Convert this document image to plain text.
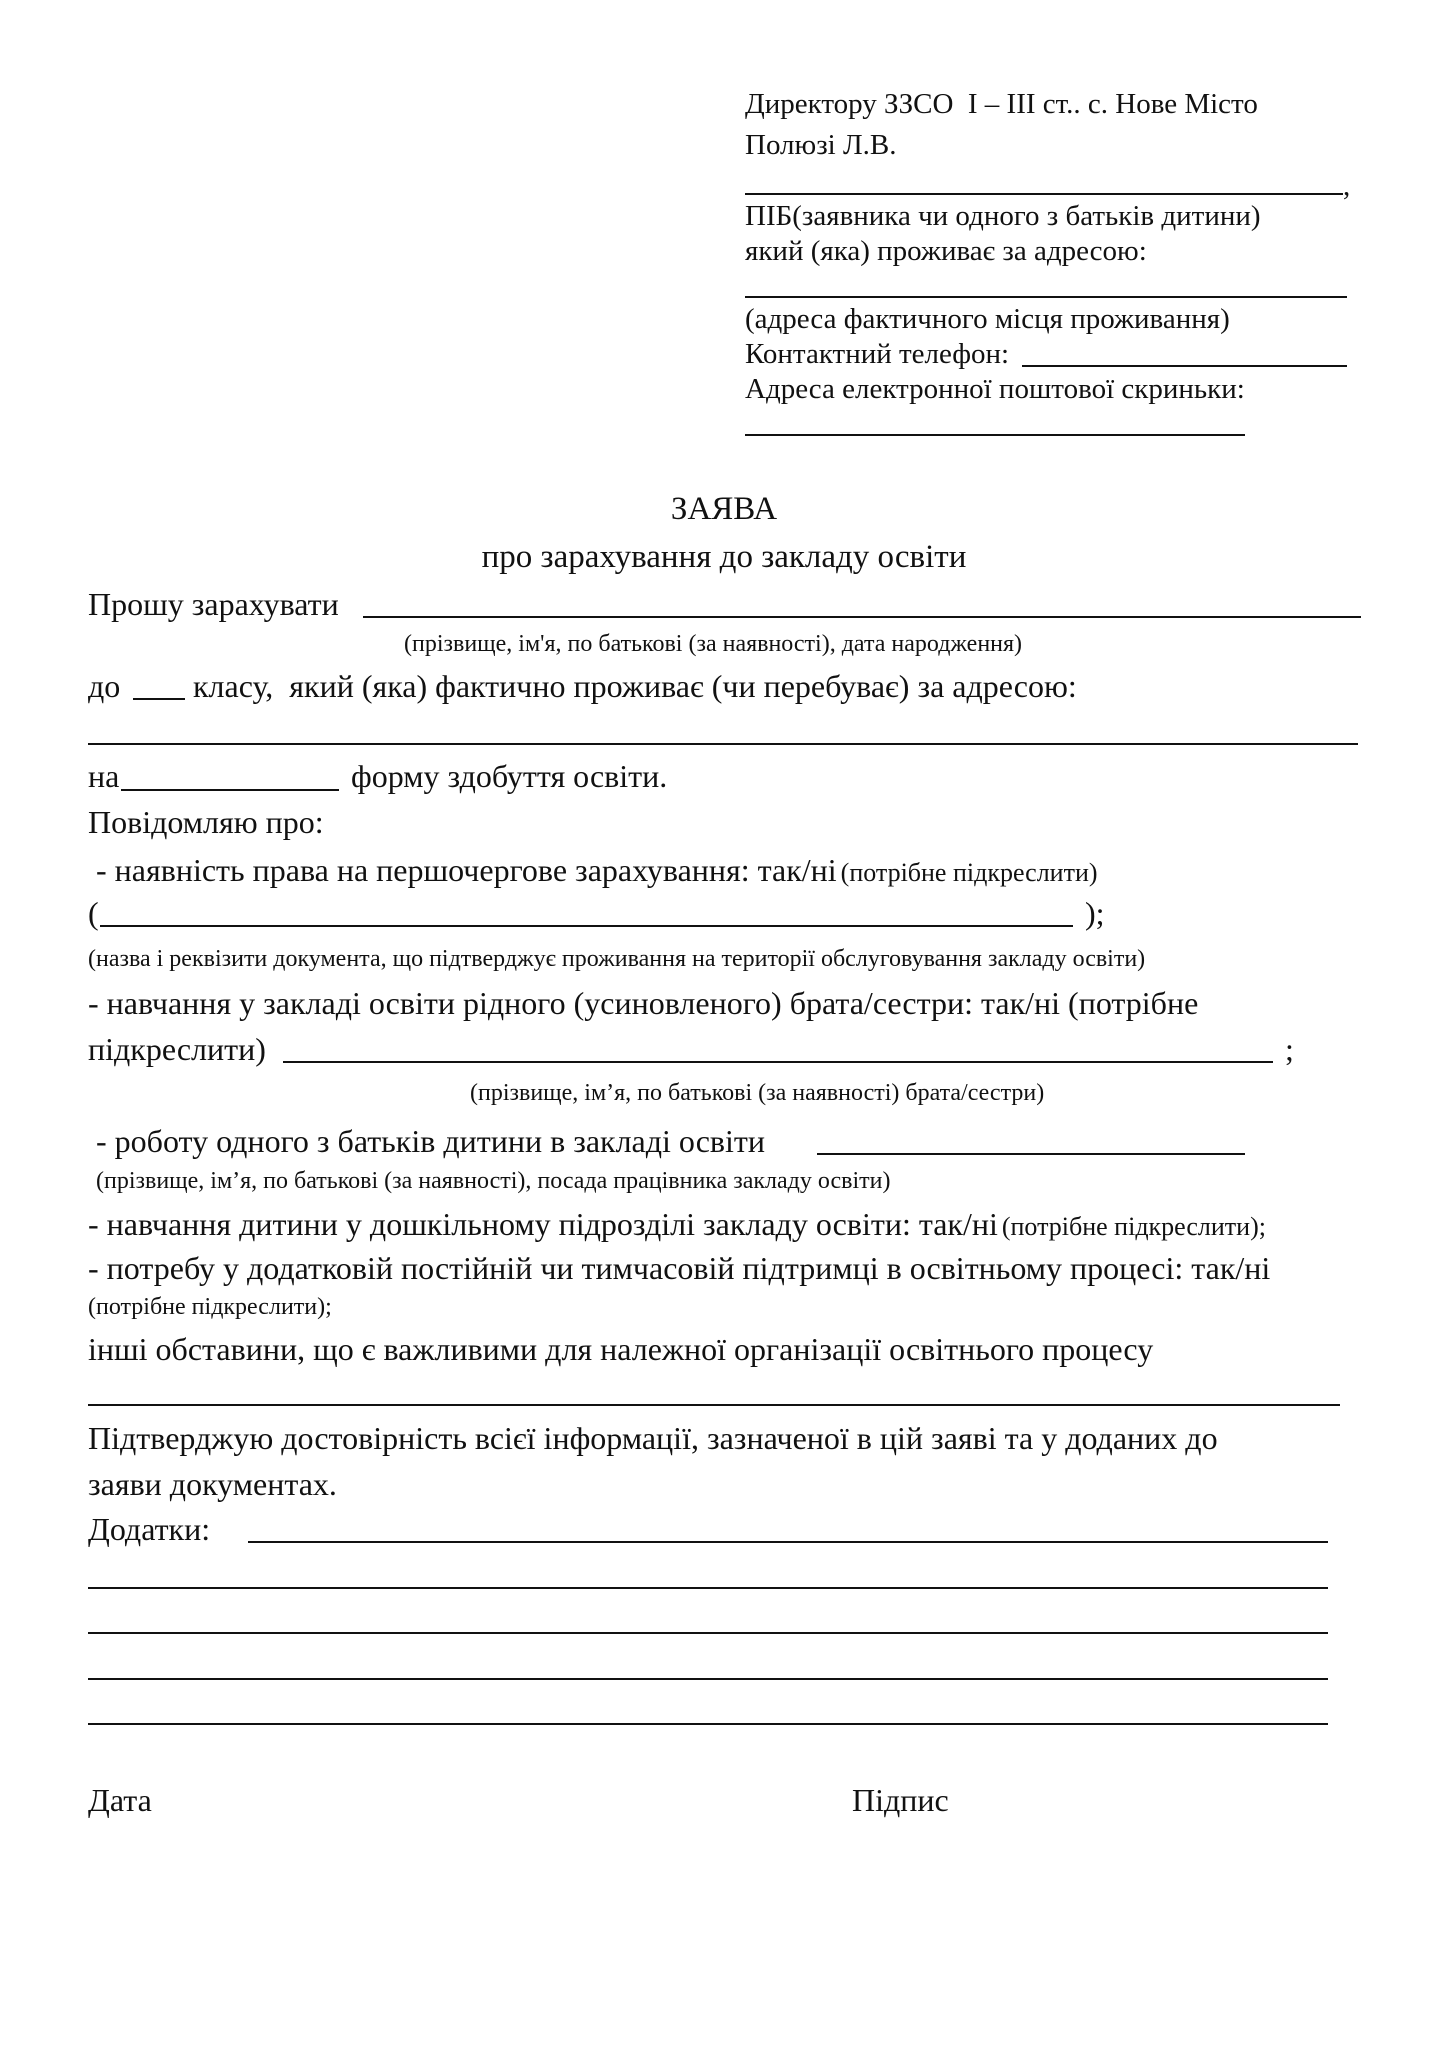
Директору ЗЗСО  І – ІІІ ст.. с. Нове Місто
Полюзі Л.В.
,
ПІБ(заявника чи одного з батьків дитини)
який (яка) проживає за адресою:
(адреса фактичного місця проживання)
Контактний телефон:
Адреса електронної поштової скриньки:
ЗАЯВА
про зарахування до закладу освіти
Прошу зарахувати
(прізвище, ім'я, по батькові (за наявності), дата народження)
до класу,  який (яка) фактично проживає (чи перебуває) за адресою:
на	форму здобуття освіти.
Повідомляю про:
- наявність права на першочергове зарахування: так/ні (потрібне підкреслити)
(	);
(назва і реквізити документа, що підтверджує проживання на території обслуговування закладу освіти)
- навчання у закладі освіти рідного (усиновленого) брата/сестри: так/ні (потрібне
підкреслити)	;
(прізвище, ім’я, по батькові (за наявності) брата/сестри)
- роботу одного з батьків дитини в закладі освіти
(прізвище, ім’я, по батькові (за наявності), посада працівника закладу освіти)
- навчання дитини у дошкільному підрозділі закладу освіти: так/ні (потрібне підкреслити);
- потребу у додатковій постійній чи тимчасовій підтримці в освітньому процесі: так/ні
(потрібне підкреслити);
інші обставини, що є важливими для належної організації освітнього процесу
Підтверджую достовірність всієї інформації, зазначеної в цій заяві та у доданих до
заяви документах.
Додатки:
Дата	Підпис
